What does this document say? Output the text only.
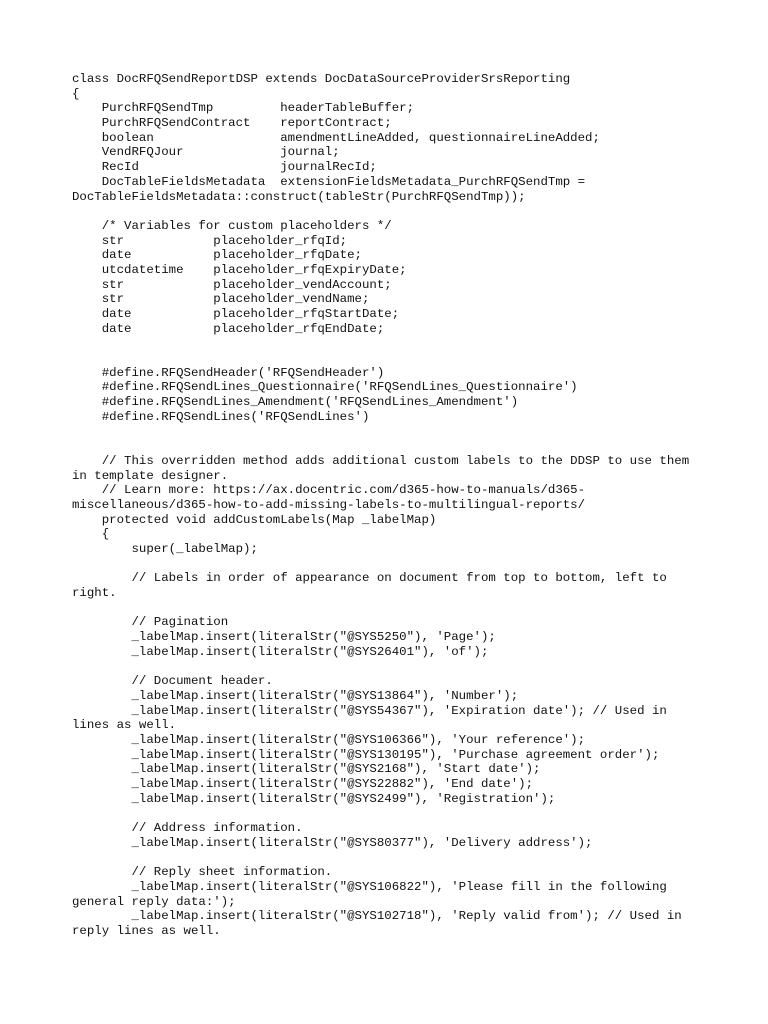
class DocRFQSendReportDSP extends DocDataSourceProviderSrsReporting
{
PurchRFQSendTmp         headerTableBuffer;
PurchRFQSendContract    reportContract;
boolean                 amendmentLineAdded, questionnaireLineAdded;
VendRFQJour             journal;
RecId                   journalRecId;
DocTableFieldsMetadata  extensionFieldsMetadata_PurchRFQSendTmp =
DocTableFieldsMetadata::construct(tableStr(PurchRFQSendTmp));
/* Variables for custom placeholders */
str            placeholder_rfqId;
date           placeholder_rfqDate;
utcdatetime    placeholder_rfqExpiryDate;
str            placeholder_vendAccount;
str            placeholder_vendName;
date           placeholder_rfqStartDate;
date           placeholder_rfqEndDate;
#define.RFQSendHeader('RFQSendHeader')
#define.RFQSendLines_Questionnaire('RFQSendLines_Questionnaire')
#define.RFQSendLines_Amendment('RFQSendLines_Amendment')
#define.RFQSendLines('RFQSendLines')
// This overridden method adds additional custom labels to the DDSP to use them
in template designer.
// Learn more: https://ax.docentric.com/d365-how-to-manuals/d365-
miscellaneous/d365-how-to-add-missing-labels-to-multilingual-reports/
protected void addCustomLabels(Map _labelMap)
{
super(_labelMap);
// Labels in order of appearance on document from top to bottom, left to
right.
// Pagination
_labelMap.insert(literalStr("@SYS5250"), 'Page');
_labelMap.insert(literalStr("@SYS26401"), 'of');
// Document header.
_labelMap.insert(literalStr("@SYS13864"), 'Number');
_labelMap.insert(literalStr("@SYS54367"), 'Expiration date'); // Used in
lines as well.
_labelMap.insert(literalStr("@SYS106366"), 'Your reference');
_labelMap.insert(literalStr("@SYS130195"), 'Purchase agreement order');
_labelMap.insert(literalStr("@SYS2168"), 'Start date');
_labelMap.insert(literalStr("@SYS22882"), 'End date');
_labelMap.insert(literalStr("@SYS2499"), 'Registration');
// Address information.
_labelMap.insert(literalStr("@SYS80377"), 'Delivery address');
// Reply sheet information.
_labelMap.insert(literalStr("@SYS106822"), 'Please fill in the following
general reply data:');
_labelMap.insert(literalStr("@SYS102718"), 'Reply valid from'); // Used in
reply lines as well.
